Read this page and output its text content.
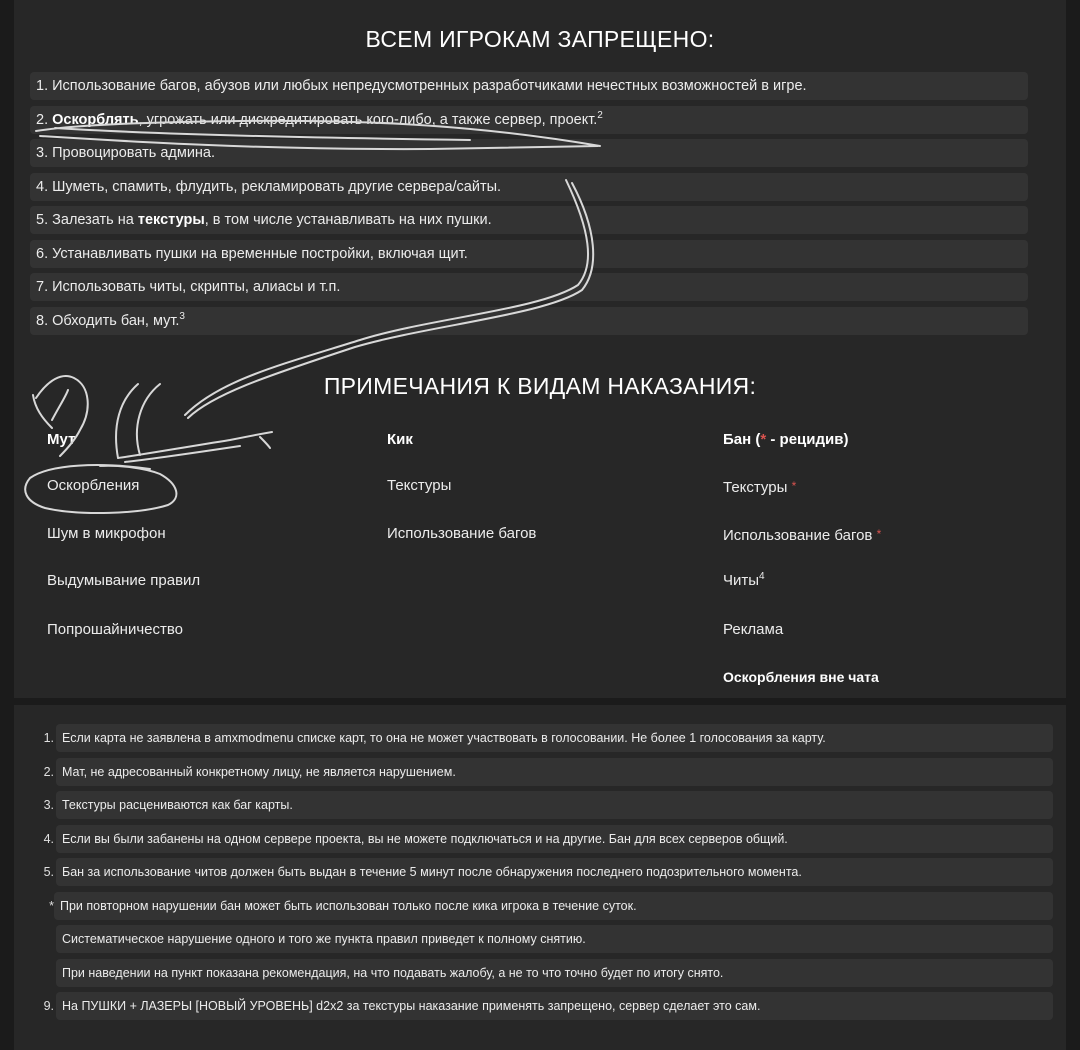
ВСЕМ ИГРОКАМ ЗАПРЕЩЕНО:
1. Использование багов, абузов или любых непредусмотренных разработчиками нечестных возможностей в игре.
2. Оскорблять, угрожать или дискредитировать кого-либо, а также сервер, проект.$^2$
3. Провоцировать админа.
4. Шуметь, спамить, флудить, рекламировать другие сервера/сайты.
5. Залезать на текстуры, в том числе устанавливать на них пушки.
6. Устанавливать пушки на временные постройки, включая щит.
7. Использовать читы, скрипты, алиасы и т.п.
8. Обходить бан, мут.$^3$
ПРИМЕЧАНИЯ К ВИДАМ НАКАЗАНИЯ:
Мут
Оскорбления
Шум в микрофон
Выдумывание правил
Попрошайничество
Кик
Текстуры
Использование багов
Бан (* - рецидив)
Текстуры *
Использование багов *
Читы$^4$
Реклама
Оскорбления вне чата
1. Если карта не заявлена в amxmodmenu списке карт, то она не может участвовать в голосовании. Не более 1 голосования за карту.
2. Мат, не адресованный конкретному лицу, не является нарушением.
3. Текстуры расцениваются как баг карты.
4. Если вы были забанены на одном сервере проекта, вы не можете подключаться и на другие. Бан для всех серверов общий.
5. Бан за использование читов должен быть выдан в течение 5 минут после обнаружения последнего подозрительного момента.
* При повторном нарушении бан может быть использован только после кика игрока в течение суток.
Систематическое нарушение одного и того же пункта правил приведет к полному снятию.
При наведении на пункт показана рекомендация, на что подавать жалобу, а не то что точно будет по итогу снято.
9. На ПУШКИ + ЛАЗЕРЫ [НОВЫЙ УРОВЕНЬ] d2x2 за текстуры наказание применять запрещено, сервер сделает это сам.
